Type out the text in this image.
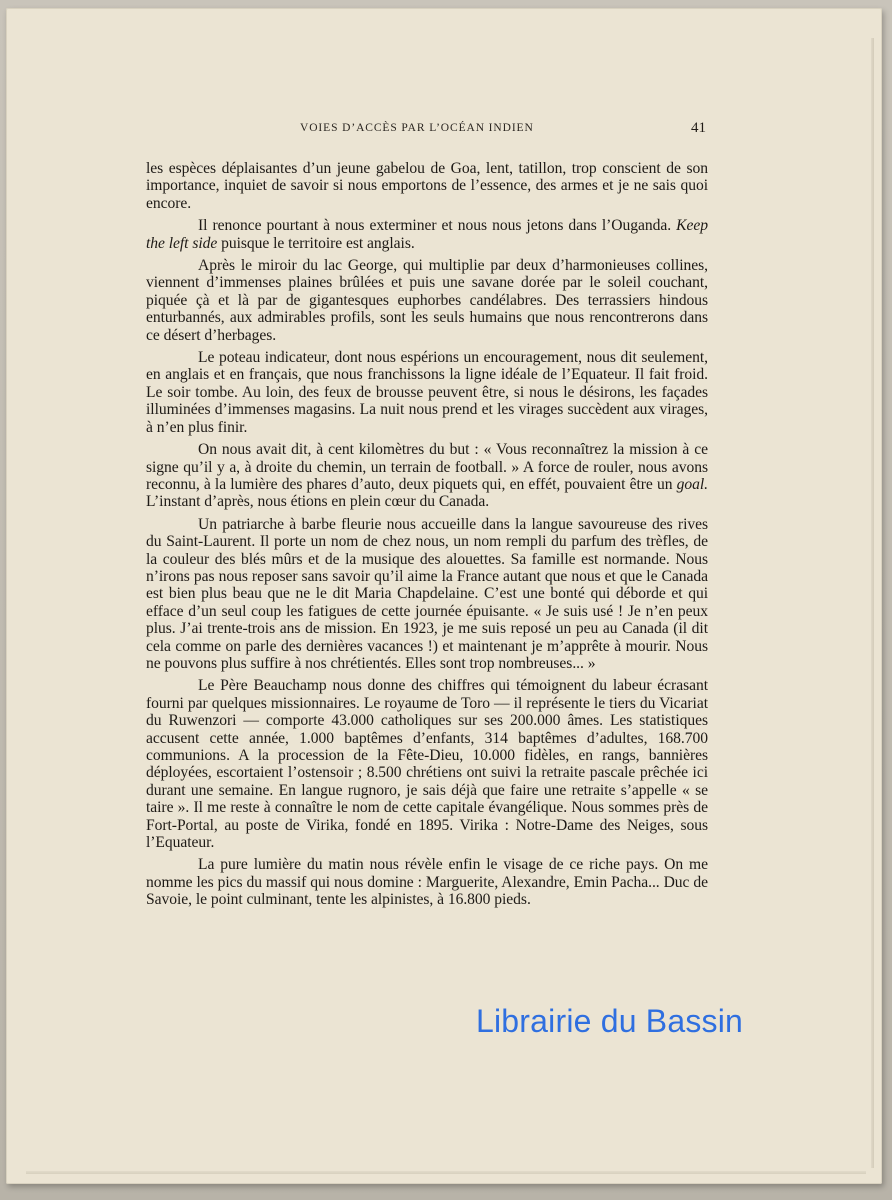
VOIES D’ACCÈS PAR L’OCÉAN INDIEN	41

les espèces déplaisantes d’un jeune gabelou de Goa, lent, tatillon, trop conscient de son importance, inquiet de savoir si nous emportons de l’essence, des armes et je ne sais quoi encore.

Il renonce pourtant à nous exterminer et nous nous jetons dans l’Ouganda. Keep the left side puisque le territoire est anglais.

Après le miroir du lac George, qui multiplie par deux d’harmonieuses collines, viennent d’immenses plaines brûlées et puis une savane dorée par le soleil couchant, piquée çà et là par de gigantesques euphorbes candélabres. Des terrassiers hindous enturbannés, aux admirables profils, sont les seuls humains que nous rencontrerons dans ce désert d’herbages.

Le poteau indicateur, dont nous espérions un encouragement, nous dit seulement, en anglais et en français, que nous franchissons la ligne idéale de l’Equateur. Il fait froid. Le soir tombe. Au loin, des feux de brousse peuvent être, si nous le désirons, les façades illuminées d’immenses magasins. La nuit nous prend et les virages succèdent aux virages, à n’en plus finir.

On nous avait dit, à cent kilomètres du but : « Vous reconnaîtrez la mission à ce signe qu’il y a, à droite du chemin, un terrain de football. » A force de rouler, nous avons reconnu, à la lumière des phares d’auto, deux piquets qui, en effét, pouvaient être un goal. L’instant d’après, nous étions en plein cœur du Canada.

Un patriarche à barbe fleurie nous accueille dans la langue savoureuse des rives du Saint-Laurent. Il porte un nom de chez nous, un nom rempli du parfum des trèfles, de la couleur des blés mûrs et de la musique des alouettes. Sa famille est normande. Nous n’irons pas nous reposer sans savoir qu’il aime la France autant que nous et que le Canada est bien plus beau que ne le dit Maria Chapdelaine. C’est une bonté qui déborde et qui efface d’un seul coup les fatigues de cette journée épuisante. « Je suis usé ! Je n’en peux plus. J’ai trente-trois ans de mission. En 1923, je me suis reposé un peu au Canada (il dit cela comme on parle des dernières vacances !) et maintenant je m’apprête à mourir. Nous ne pouvons plus suffire à nos chrétientés. Elles sont trop nombreuses... »

Le Père Beauchamp nous donne des chiffres qui témoignent du labeur écrasant fourni par quelques missionnaires. Le royaume de Toro — il représente le tiers du Vicariat du Ruwenzori — comporte 43.000 catholiques sur ses 200.000 âmes. Les statistiques accusent cette année, 1.000 baptêmes d’enfants, 314 baptêmes d’adultes, 168.700 communions. A la procession de la Fête-Dieu, 10.000 fidèles, en rangs, bannières déployées, escortaient l’ostensoir ; 8.500 chrétiens ont suivi la retraite pascale prêchée ici durant une semaine. En langue rugnoro, je sais déjà que faire une retraite s’appelle « se taire ». Il me reste à connaître le nom de cette capitale évangélique. Nous sommes près de Fort-Portal, au poste de Virika, fondé en 1895. Virika : Notre-Dame des Neiges, sous l’Equateur.

La pure lumière du matin nous révèle enfin le visage de ce riche pays. On me nomme les pics du massif qui nous domine : Marguerite, Alexandre, Emin Pacha... Duc de Savoie, le point culminant, tente les alpinistes, à 16.800 pieds.

Librairie du Bassin
